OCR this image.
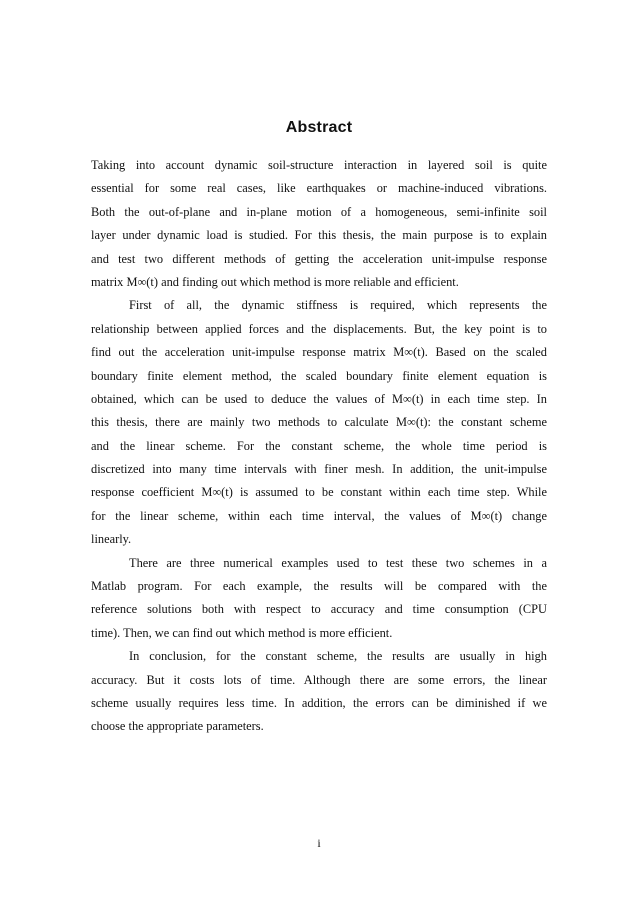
Abstract
Taking into account dynamic soil-structure interaction in layered soil is quite
essential for some real cases, like earthquakes or machine-induced vibrations.
Both the out-of-plane and in-plane motion of a homogeneous, semi-infinite soil
layer under dynamic load is studied. For this thesis, the main purpose is to explain
and test two different methods of getting the acceleration unit-impulse response
matrix M∞(t) and finding out which method is more reliable and efficient.
First of all, the dynamic stiffness is required, which represents the
relationship between applied forces and the displacements. But, the key point is to
find out the acceleration unit-impulse response matrix M∞(t). Based on the scaled
boundary finite element method, the scaled boundary finite element equation is
obtained, which can be used to deduce the values of M∞(t) in each time step. In
this thesis, there are mainly two methods to calculate M∞(t): the constant scheme
and the linear scheme. For the constant scheme, the whole time period is
discretized into many time intervals with finer mesh. In addition, the unit-impulse
response coefficient M∞(t) is assumed to be constant within each time step. While
for the linear scheme, within each time interval, the values of M∞(t) change
linearly.
There are three numerical examples used to test these two schemes in a
Matlab program. For each example, the results will be compared with the
reference solutions both with respect to accuracy and time consumption (CPU
time). Then, we can find out which method is more efficient.
In conclusion, for the constant scheme, the results are usually in high
accuracy. But it costs lots of time. Although there are some errors, the linear
scheme usually requires less time. In addition, the errors can be diminished if we
choose the appropriate parameters.
i
